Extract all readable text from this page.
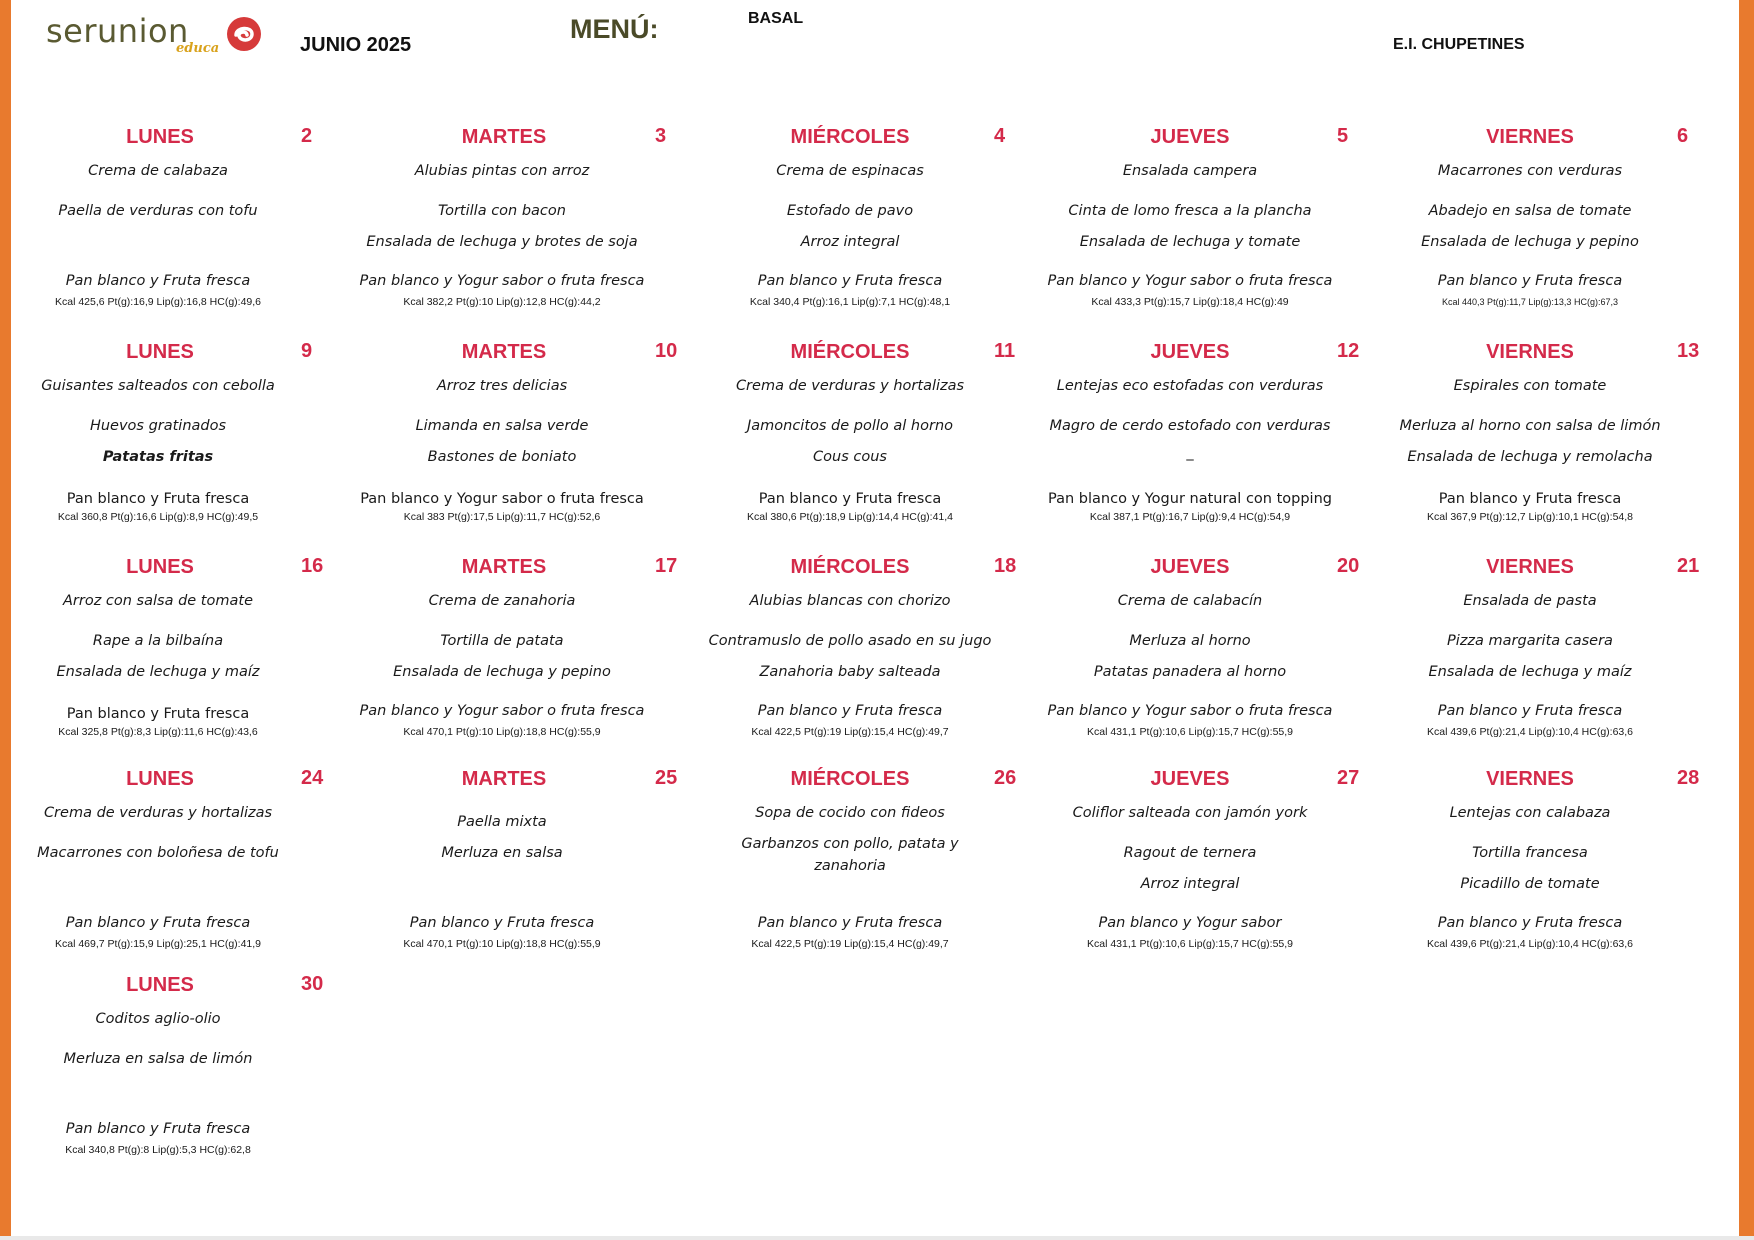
serunion
educa	JUNIO 2025
MENÚ:	BASAL
E.I. CHUPETINES
LUNES	2
Crema de calabaza
Paella de verduras con tofu
Pan blanco y Fruta fresca
Kcal 425,6 Pt(g):16,9 Lip(g):16,8 HC(g):49,6
MARTES	3
Alubias pintas con arroz
Tortilla con bacon
Ensalada de lechuga y brotes de soja
Pan blanco y Yogur sabor o fruta fresca
Kcal 382,2 Pt(g):10 Lip(g):12,8 HC(g):44,2
MIÉRCOLES	4
Crema de espinacas
Estofado de pavo
Arroz integral
Pan blanco y Fruta fresca
Kcal 340,4 Pt(g):16,1 Lip(g):7,1 HC(g):48,1
JUEVES	5
Ensalada campera
Cinta de lomo fresca a la plancha
Ensalada de lechuga y tomate
Pan blanco y Yogur sabor o fruta fresca
Kcal 433,3 Pt(g):15,7 Lip(g):18,4 HC(g):49
VIERNES	6
Macarrones con verduras
Abadejo en salsa de tomate
Ensalada de lechuga y pepino
Pan blanco y Fruta fresca
Kcal 440,3 Pt(g):11,7 Lip(g):13,3 HC(g):67,3
LUNES	9
Guisantes salteados con cebolla
Huevos gratinados
Patatas fritas
Pan blanco y Fruta fresca
Kcal 360,8 Pt(g):16,6 Lip(g):8,9 HC(g):49,5
MARTES	10
Arroz tres delicias
Limanda en salsa verde
Bastones de boniato
Pan blanco y Yogur sabor o fruta fresca
Kcal 383 Pt(g):17,5 Lip(g):11,7 HC(g):52,6
MIÉRCOLES	11
Crema de verduras y hortalizas
Jamoncitos de pollo al horno
Cous cous
Pan blanco y Fruta fresca
Kcal 380,6 Pt(g):18,9 Lip(g):14,4 HC(g):41,4
JUEVES	12
Lentejas eco estofadas con verduras
Magro de cerdo estofado con verduras
_
Pan blanco y Yogur natural con topping
Kcal 387,1 Pt(g):16,7 Lip(g):9,4 HC(g):54,9
VIERNES	13
Espirales con tomate
Merluza al horno con salsa de limón
Ensalada de lechuga y remolacha
Pan blanco y Fruta fresca
Kcal 367,9 Pt(g):12,7 Lip(g):10,1 HC(g):54,8
LUNES	16
Arroz con salsa de tomate
Rape a la bilbaína
Ensalada de lechuga y maíz
Pan blanco y Fruta fresca
Kcal 325,8 Pt(g):8,3 Lip(g):11,6 HC(g):43,6
MARTES	17
Crema de zanahoria
Tortilla de patata
Ensalada de lechuga y pepino
Pan blanco y Yogur sabor o fruta fresca
Kcal 470,1 Pt(g):10 Lip(g):18,8 HC(g):55,9
MIÉRCOLES	18
Alubias blancas con chorizo
Contramuslo de pollo asado en su jugo
Zanahoria baby salteada
Pan blanco y Fruta fresca
Kcal 422,5 Pt(g):19 Lip(g):15,4 HC(g):49,7
JUEVES	20
Crema de calabacín
Merluza al horno
Patatas panadera al horno
Pan blanco y Yogur sabor o fruta fresca
Kcal 431,1 Pt(g):10,6 Lip(g):15,7 HC(g):55,9
VIERNES	21
Ensalada de pasta
Pizza margarita casera
Ensalada de lechuga y maíz
Pan blanco y Fruta fresca
Kcal 439,6 Pt(g):21,4 Lip(g):10,4 HC(g):63,6
LUNES	24
Crema de verduras y hortalizas
Macarrones con boloñesa de tofu
Pan blanco y Fruta fresca
Kcal 469,7 Pt(g):15,9 Lip(g):25,1 HC(g):41,9
MARTES	25
Paella mixta
Merluza en salsa
Pan blanco y Fruta fresca
Kcal 470,1 Pt(g):10 Lip(g):18,8 HC(g):55,9
MIÉRCOLES	26
Sopa de cocido con fideos
Garbanzos con pollo, patata y zanahoria
Pan blanco y Fruta fresca
Kcal 422,5 Pt(g):19 Lip(g):15,4 HC(g):49,7
JUEVES	27
Coliflor salteada con jamón york
Ragout de ternera
Arroz integral
Pan blanco y Yogur sabor
Kcal 431,1 Pt(g):10,6 Lip(g):15,7 HC(g):55,9
VIERNES	28
Lentejas con calabaza
Tortilla francesa
Picadillo de tomate
Pan blanco y Fruta fresca
Kcal 439,6 Pt(g):21,4 Lip(g):10,4 HC(g):63,6
LUNES	30
Coditos aglio-olio
Merluza en salsa de limón
Pan blanco y Fruta fresca
Kcal 340,8 Pt(g):8 Lip(g):5,3 HC(g):62,8
